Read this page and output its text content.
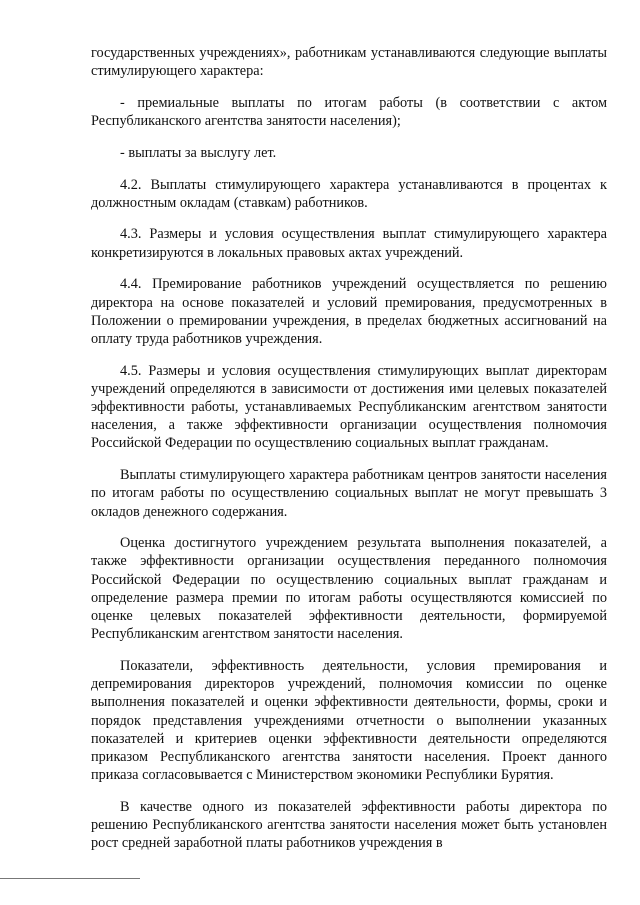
государственных учреждениях», работникам устанавливаются следующие выплаты стимулирующего характера:

- премиальные выплаты по итогам работы (в соответствии с актом Республиканского агентства занятости населения);

- выплаты за выслугу лет.

4.2. Выплаты стимулирующего характера устанавливаются в процентах к должностным окладам (ставкам) работников.

4.3. Размеры и условия осуществления выплат стимулирующего характера конкретизируются в локальных правовых актах учреждений.

4.4. Премирование работников учреждений осуществляется по решению директора на основе показателей и условий премирования, предусмотренных в Положении о премировании учреждения, в пределах бюджетных ассигнований на оплату труда работников учреждения.

4.5. Размеры и условия осуществления стимулирующих выплат директорам учреждений определяются в зависимости от достижения ими целевых показателей эффективности работы, устанавливаемых Республиканским агентством занятости населения, а также эффективности организации осуществления полномочия Российской Федерации по осуществлению социальных выплат гражданам.

Выплаты стимулирующего характера работникам центров занятости населения по итогам работы по осуществлению социальных выплат не могут превышать 3 окладов денежного содержания.

Оценка достигнутого учреждением результата выполнения показателей, а также эффективности организации осуществления переданного полномочия Российской Федерации по осуществлению социальных выплат гражданам и определение размера премии по итогам работы осуществляются комиссией по оценке целевых показателей эффективности деятельности, формируемой Республиканским агентством занятости населения.

Показатели, эффективность деятельности, условия премирования и депремирования директоров учреждений, полномочия комиссии по оценке выполнения показателей и оценки эффективности деятельности, формы, сроки и порядок представления учреждениями отчетности о выполнении указанных показателей и критериев оценки эффективности деятельности определяются приказом Республиканского агентства занятости населения. Проект данного приказа согласовывается с Министерством экономики Республики Бурятия.

В качестве одного из показателей эффективности работы директора по решению Республиканского агентства занятости населения может быть установлен рост средней заработной платы работников учреждения в
